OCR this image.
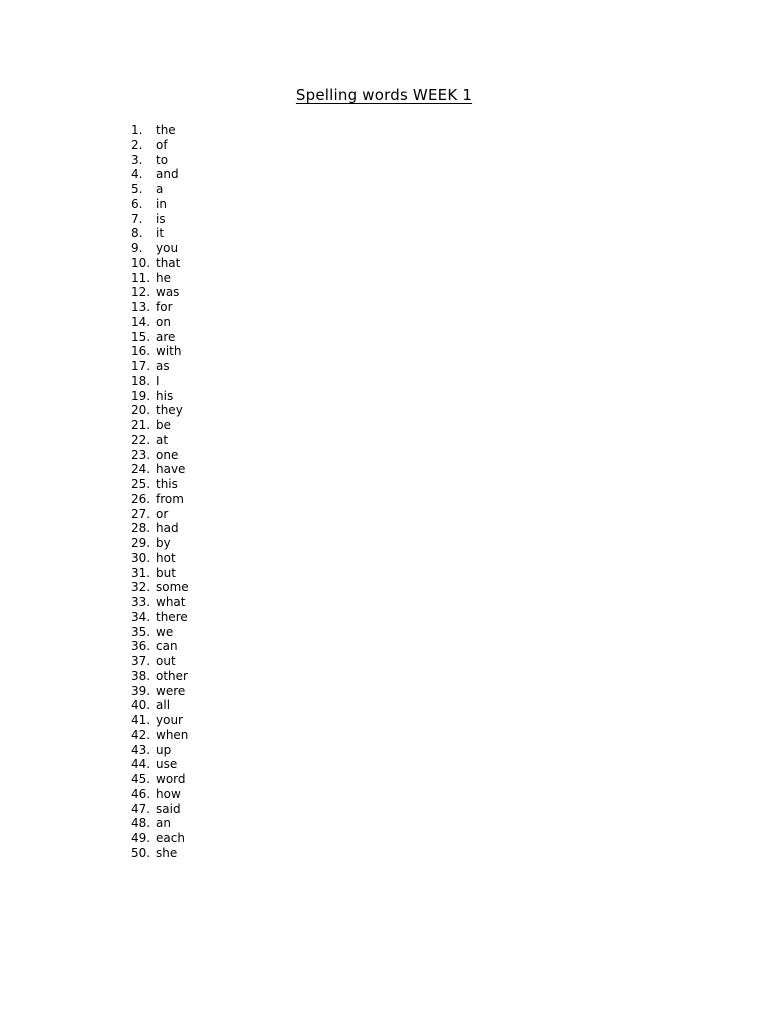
Spelling words WEEK 1
1. the
2. of
3. to
4. and
5. a
6. in
7. is
8. it
9. you
10. that
11. he
12. was
13. for
14. on
15. are
16. with
17. as
18. I
19. his
20. they
21. be
22. at
23. one
24. have
25. this
26. from
27. or
28. had
29. by
30. hot
31. but
32. some
33. what
34. there
35. we
36. can
37. out
38. other
39. were
40. all
41. your
42. when
43. up
44. use
45. word
46. how
47. said
48. an
49. each
50. she
